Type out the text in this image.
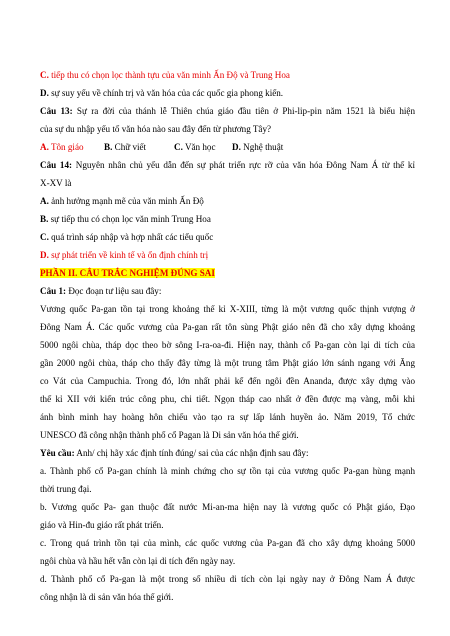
C. tiếp thu có chọn lọc thành tựu của văn minh Ấn Độ và Trung Hoa
D. sự suy yếu về chính trị và văn hóa của các quốc gia phong kiến.
Câu 13: Sự ra đời của thánh lễ Thiên chúa giáo đầu tiên ở Phi-lip-pin năm 1521 là biểu hiện
của sự du nhập yếu tố văn hóa nào sau đây đến từ phương Tây?
A. Tôn giáo B. Chữ viết	C. Văn học D. Nghệ thuật
Câu 14: Nguyên nhân chủ yếu dẫn đến sự phát triển rực rỡ của văn hóa Đông Nam Á từ thế kỉ
X-XV là
A. ảnh hưởng mạnh mẽ của văn minh Ấn Độ
B. sự tiếp thu có chọn lọc văn minh Trung Hoa
C. quá trình sáp nhập và hợp nhất các tiểu quốc
D. sự phát triển về kinh tế và ổn định chính trị
PHẦN II. CÂU TRẮC NGHIỆM ĐÚNG SAI
Câu 1: Đọc đoạn tư liệu sau đây:
Vương quốc Pa-gan tồn tại trong khoảng thế kỉ X-XIII, từng là một vương quốc thịnh vượng ở
Đông Nam Á. Các quốc vương của Pa-gan rất tôn sùng Phật giáo nên đã cho xây dựng khoảng
5000 ngôi chùa, tháp dọc theo bờ sông I-ra-oa-đi. Hiện nay, thành cổ Pa-gan còn lại di tích của
gần 2000 ngôi chùa, tháp cho thấy đây từng là một trung tâm Phật giáo lớn sánh ngang với Ăng
co Vát của Campuchia. Trong đó, lớn nhất phải kể đến ngôi đền Ananda, được xây dựng vào
thế kỉ XII với kiến trúc công phu, chi tiết. Ngọn tháp cao nhất ở đền được mạ vàng, mỗi khi
ánh bình minh hay hoàng hôn chiếu vào tạo ra sự lấp lánh huyền ảo. Năm 2019, Tổ chức
UNESCO đã công nhận thành phố cổ Pagan là Di sản văn hóa thế giới.
Yêu cầu: Anh/ chị hãy xác định tính đúng/ sai của các nhận định sau đây:
a. Thành phố cổ Pa-gan chính là minh chứng cho sự tồn tại của vương quốc Pa-gan hùng mạnh
thời trung đại.
b. Vương quốc Pa- gan thuộc đất nước Mi-an-ma hiện nay là vương quốc có Phật giáo, Đạo
giáo và Hin-đu giáo rất phát triển.
c. Trong quá trình tồn tại của mình, các quốc vương của Pa-gan đã cho xây dựng khoảng 5000
ngôi chùa và hầu hết vẫn còn lại di tích đến ngày nay.
d. Thành phố cổ Pa-gan là một trong số nhiều di tích còn lại ngày nay ở Đông Nam Á được
công nhận là di sản văn hóa thế giới.
